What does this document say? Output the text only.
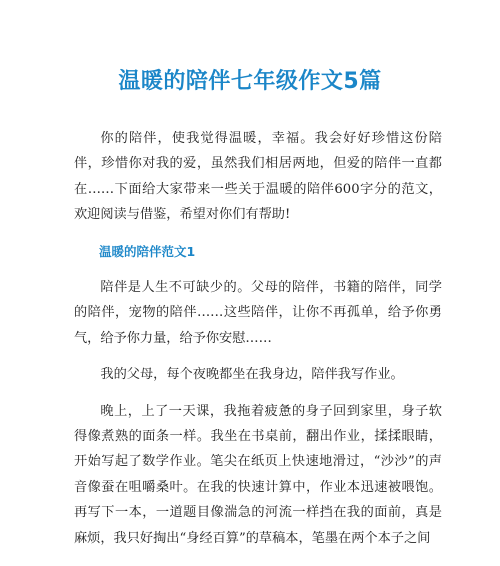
温暖的陪伴七年级作文5篇

你的陪伴，使我觉得温暖，幸福。我会好好珍惜这份陪伴，珍惜你对我的爱，虽然我们相居两地，但爱的陪伴一直都在……下面给大家带来一些关于温暖的陪伴600字分的范文，欢迎阅读与借鉴，希望对你们有帮助!

温暖的陪伴范文1

陪伴是人生不可缺少的。父母的陪伴，书籍的陪伴，同学的陪伴，宠物的陪伴……这些陪伴，让你不再孤单，给予你勇气，给予你力量，给予你安慰……

我的父母，每个夜晚都坐在我身边，陪伴我写作业。

晚上，上了一天课，我拖着疲惫的身子回到家里，身子软得像煮熟的面条一样。我坐在书桌前，翻出作业，揉揉眼睛，开始写起了数学作业。笔尖在纸页上快速地滑过，“沙沙”的声音像蚕在咀嚼桑叶。在我的快速计算中，作业本迅速被喂饱。再写下一本，一道题目像湍急的河流一样挡在我的面前，真是麻烦，我只好掏出“身经百算”的草稿本，笔墨在两个本子之间
